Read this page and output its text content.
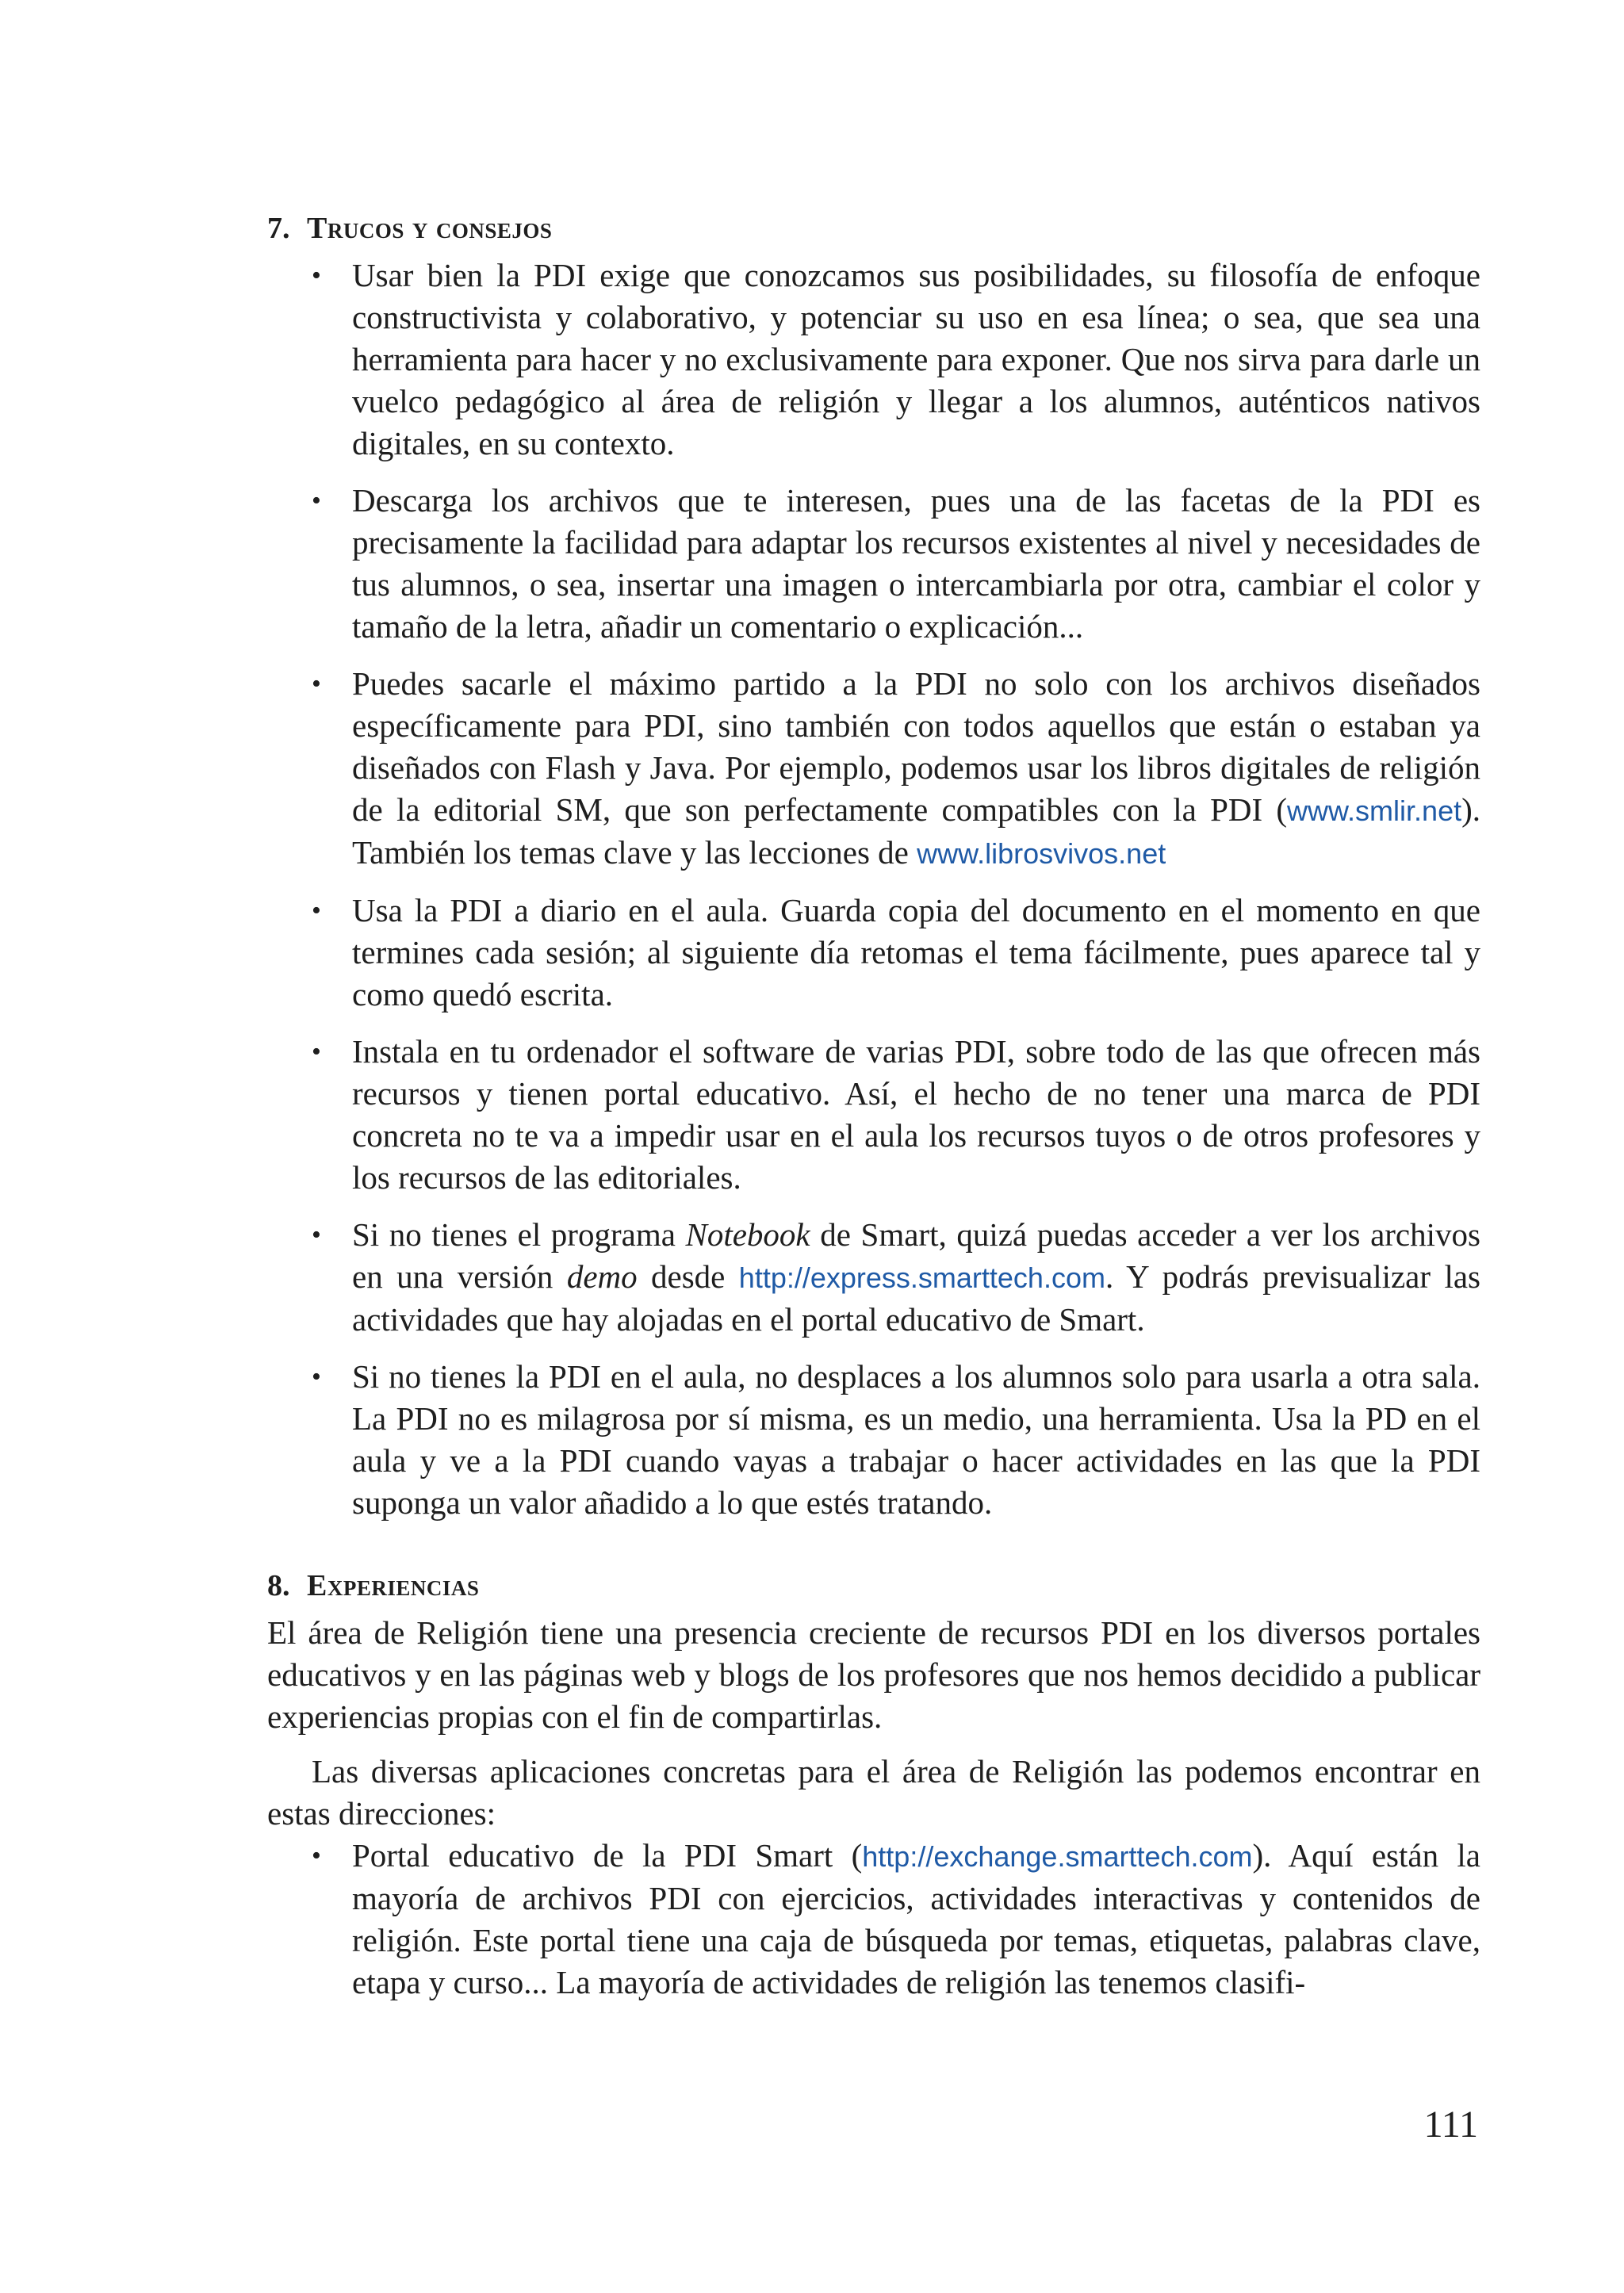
7. Trucos y consejos
• Usar bien la PDI exige que conozcamos sus posibilidades, su filosofía de enfoque constructivista y colaborativo, y potenciar su uso en esa línea; o sea, que sea una herramienta para hacer y no exclusivamente para exponer. Que nos sirva para darle un vuelco pedagógico al área de religión y llegar a los alumnos, auténticos nativos digitales, en su contexto.
• Descarga los archivos que te interesen, pues una de las facetas de la PDI es precisamente la facilidad para adaptar los recursos existentes al nivel y necesidades de tus alumnos, o sea, insertar una imagen o intercambiarla por otra, cambiar el color y tamaño de la letra, añadir un comentario o explicación...
• Puedes sacarle el máximo partido a la PDI no solo con los archivos diseñados específicamente para PDI, sino también con todos aquellos que están o estaban ya diseñados con Flash y Java. Por ejemplo, podemos usar los libros digitales de religión de la editorial SM, que son perfectamente compatibles con la PDI (www.smlir.net). También los temas clave y las lecciones de www.librosvivos.net
• Usa la PDI a diario en el aula. Guarda copia del documento en el momento en que termines cada sesión; al siguiente día retomas el tema fácilmente, pues aparece tal y como quedó escrita.
• Instala en tu ordenador el software de varias PDI, sobre todo de las que ofrecen más recursos y tienen portal educativo. Así, el hecho de no tener una marca de PDI concreta no te va a impedir usar en el aula los recursos tuyos o de otros profesores y los recursos de las editoriales.
• Si no tienes el programa Notebook de Smart, quizá puedas acceder a ver los archivos en una versión demo desde http://express.smarttech.com. Y podrás previsualizar las actividades que hay alojadas en el portal educativo de Smart.
• Si no tienes la PDI en el aula, no desplaces a los alumnos solo para usarla a otra sala. La PDI no es milagrosa por sí misma, es un medio, una herramienta. Usa la PD en el aula y ve a la PDI cuando vayas a trabajar o hacer actividades en las que la PDI suponga un valor añadido a lo que estés tratando.
8. Experiencias

El área de Religión tiene una presencia creciente de recursos PDI en los diversos portales educativos y en las páginas web y blogs de los profesores que nos hemos decidido a publicar experiencias propias con el fin de compartirlas.

Las diversas aplicaciones concretas para el área de Religión las podemos encontrar en estas direcciones:

• Portal educativo de la PDI Smart (http://exchange.smarttech.com). Aquí están la mayoría de archivos PDI con ejercicios, actividades interactivas y contenidos de religión. Este portal tiene una caja de búsqueda por temas, etiquetas, palabras clave, etapa y curso... La mayoría de actividades de religión las tenemos clasifi-
111
